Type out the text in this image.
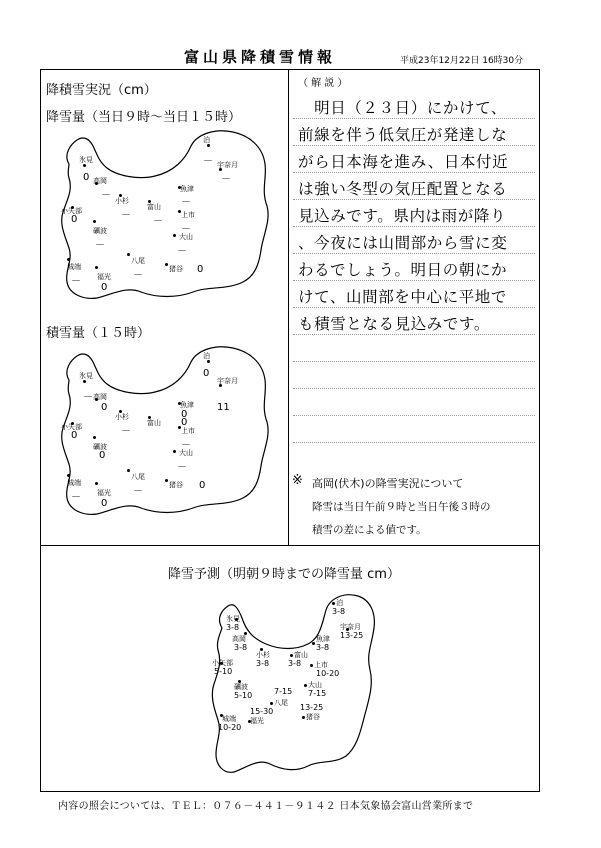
富山県降積雪情報	平成23年12月22日 16時30分
降積雪実況（cm）
降雪量（当日９時～当日１５時）
積雪量（１５時）
氷見
泊
高岡
魚津
宇奈月
小矢部
小杉
富山
上市
礪波
大山
八尾
城端
福光
猪谷
0
－
－
－
－
0	－
－
－
－
－
－
－
0
0
氷見
泊
高岡
魚津
宇奈月
小矢部
小杉
富山
上市
礪波
大山
八尾
城端
福光
猪谷
－
0
0
0
11
0	－
0
－
0
－
－
－
0
0
（ 解 説 ）
　明日（２３日）にかけて、
前線を伴う低気圧が発達しな
がら日本海を進み、日本付近
は強い冬型の気圧配置となる
見込みです。県内は雨が降り
、今夜には山間部から雪に変
わるでしょう。明日の朝にか
けて、山間部を中心に平地で
も積雪となる見込みです。
※ 高岡(伏木)の降雪実況について
降雪は当日午前９時と当日午後３時の
積雪の差による値です。
降雪予測（明朝９時までの降雪量 cm）
氷見
泊
高岡	魚津
宇奈月
小矢部
小杉	富山
上市
礪波	大山
八尾
城端 福光	猪谷
3-8
3-8
3-8	3-8
13-25
5-10
3-8 3-8
10-20
5-10	7-15
7-15
10-20
15-30	13-25
内容の照会については、ＴＥＬ：０７６－４４１－９１４２ 日本気象協会富山営業所まで
